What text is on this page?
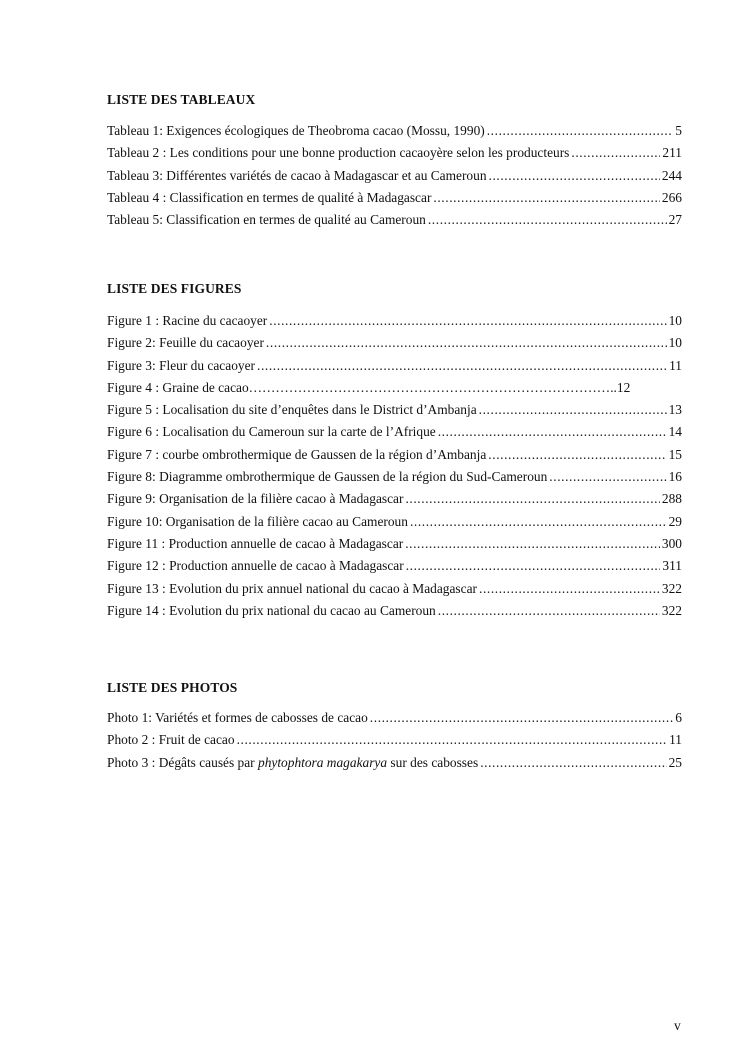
LISTE DES TABLEAUX
Tableau 1: Exigences écologiques de Theobroma cacao (Mossu, 1990) .....	5
Tableau 2 : Les conditions pour une bonne production cacaoyère selon les producteurs .....	211
Tableau 3: Différentes variétés de cacao à Madagascar et au Cameroun .....	244
Tableau 4 : Classification en termes de qualité à Madagascar .....	266
Tableau 5: Classification en termes de qualité au Cameroun .....	27
LISTE DES FIGURES
Figure 1 : Racine du cacaoyer .....	10
Figure 2: Feuille du cacaoyer .....	10
Figure 3: Fleur du cacaoyer .....	11
Figure 4 : Graine de cacao……………………………………………………………………….. 12
Figure 5 : Localisation du site d’enquêtes dans le District d’Ambanja .....	13
Figure 6 : Localisation du Cameroun sur la carte de l’Afrique .....	14
Figure 7 : courbe ombrothermique de Gaussen de la région d’Ambanja .....	15
Figure 8: Diagramme ombrothermique de Gaussen de la région du Sud-Cameroun .....	16
Figure 9: Organisation de la filière cacao à Madagascar .....	288
Figure 10: Organisation de la filière cacao au Cameroun .....	29
Figure 11 : Production annuelle de cacao à Madagascar .....	300
Figure 12 : Production annuelle de cacao à Madagascar .....	311
Figure 13 : Evolution du prix annuel national du cacao à Madagascar .....	322
Figure 14 : Evolution du prix national du cacao au Cameroun .....	322
LISTE DES PHOTOS
Photo 1: Variétés et formes de cabosses de cacao .....	6
Photo 2 : Fruit de cacao .....	11
Photo 3 : Dégâts causés par phytophtora magakarya sur des cabosses .....	25
v
